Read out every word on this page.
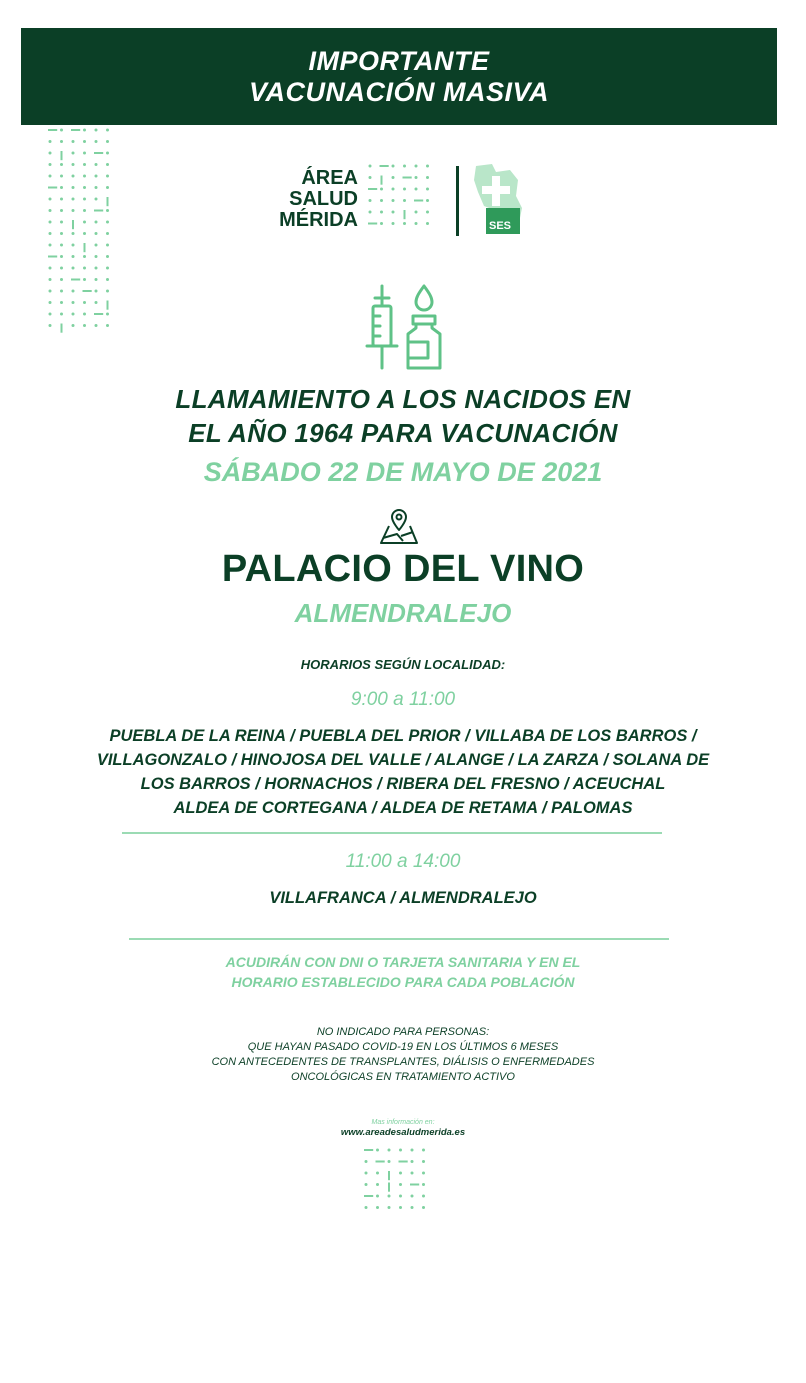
IMPORTANTE
VACUNACIÓN MASIVA
ÁREA
SALUD
MÉRIDA	SES
LLAMAMIENTO A LOS NACIDOS EN
EL AÑO 1964 PARA VACUNACIÓN
SÁBADO 22 DE MAYO DE 2021
PALACIO DEL VINO
ALMENDRALEJO
HORARIOS SEGÚN LOCALIDAD:
9:00 a 11:00
PUEBLA DE LA REINA / PUEBLA DEL PRIOR / VILLABA DE LOS BARROS /
VILLAGONZALO / HINOJOSA DEL VALLE / ALANGE / LA ZARZA / SOLANA DE
LOS BARROS / HORNACHOS / RIBERA DEL FRESNO / ACEUCHAL
ALDEA DE CORTEGANA / ALDEA DE RETAMA / PALOMAS
11:00 a 14:00
VILLAFRANCA / ALMENDRALEJO
ACUDIRÁN CON DNI O TARJETA SANITARIA Y EN EL
HORARIO ESTABLECIDO PARA CADA POBLACIÓN
NO INDICADO PARA PERSONAS:
QUE HAYAN PASADO COVID-19 EN LOS ÚLTIMOS 6 MESES
CON ANTECEDENTES DE TRANSPLANTES, DIÁLISIS O ENFERMEDADES
ONCOLÓGICAS EN TRATAMIENTO ACTIVO
Mas información en:
www.areadesaludmerida.es
